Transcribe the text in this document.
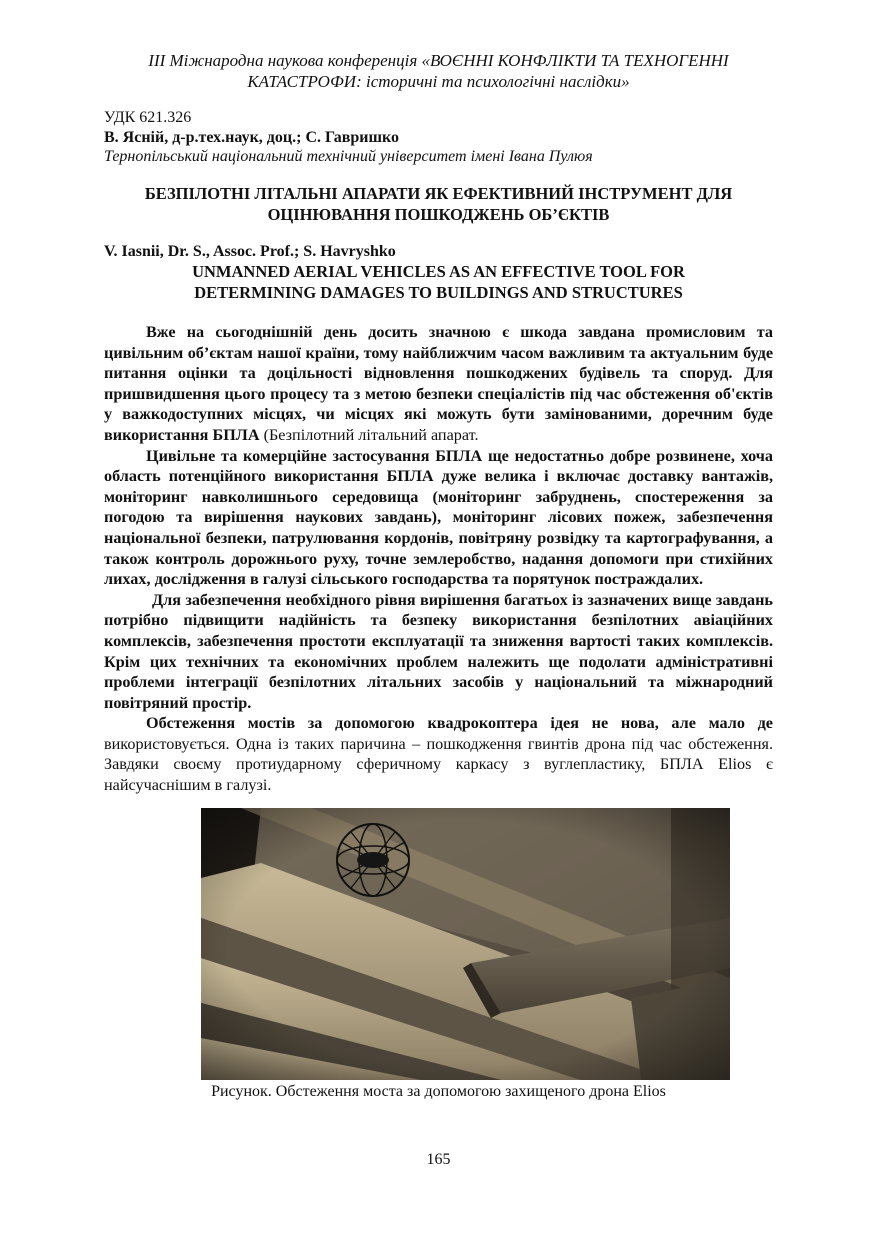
ІІІ Міжнародна наукова конференція «ВОЄННІ КОНФЛІКТИ ТА ТЕХНОГЕННІ
КАТАСТРОФИ: історичні та психологічні наслідки»
УДК 621.326
В. Ясній, д-р.тех.наук, доц.; С. Гавришко
Тернопільський національний технічний університет імені Івана Пулюя
БЕЗПІЛОТНІ ЛІТАЛЬНІ АПАРАТИ ЯК ЕФЕКТИВНИЙ ІНСТРУМЕНТ ДЛЯ
ОЦІНЮВАННЯ ПОШКОДЖЕНЬ ОБ’ЄКТІВ
V. Iasnii, Dr. S., Assoc. Prof.; S. Havryshko
UNMANNED AERIAL VEHICLES AS AN EFFECTIVE TOOL FOR
DETERMINING DAMAGES TO BUILDINGS AND STRUCTURES

Вже на сьогоднішній день досить значною є шкода завдана промисловим та цивільним об’єктам нашої країни, тому найближчим часом важливим та актуальним буде питання оцінки та доцільності відновлення пошкоджених будівель та споруд. Для пришвидшення цього процесу та з метою безпеки спеціалістів під час обстеження об'єктів у важкодоступних місцях, чи місцях які можуть бути замінованими, доречним буде використання БПЛА (Безпілотний літальний апарат.

Цивільне та комерційне застосування БПЛА ще недостатньо добре розвинене, хоча область потенційного використання БПЛА дуже велика і включає доставку вантажів, моніторинг навколишнього середовища (моніторинг забруднень, спостереження за погодою та вирішення наукових завдань), моніторинг лісових пожеж, забезпечення національної безпеки, патрулювання кордонів, повітряну розвідку та картографування, а також контроль дорожнього руху, точне землеробство, надання допомоги при стихійних лихах, дослідження в галузі сільського господарства та порятунок постраждалих.

Для забезпечення необхідного рівня вирішення багатьох із зазначених вище завдань потрібно підвищити надійність та безпеку використання безпілотних авіаційних комплексів, забезпечення простоти експлуатації та зниження вартості таких комплексів. Крім цих технічних та економічних проблем належить ще подолати адміністративні проблеми інтеграції безпілотних літальних засобів у національний та міжнародний повітряний простір.

Обстеження мостів за допомогою квадрокоптера ідея не нова, але мало де використовується. Одна із таких паричина – пошкодження гвинтів дрона під час обстеження. Завдяки своєму протиударному сферичному каркасу з вуглепластику, БПЛА Elios є найсучаснішим в галузі.

Рисунок. Обстеження моста за допомогою захищеного дрона Elios
165
